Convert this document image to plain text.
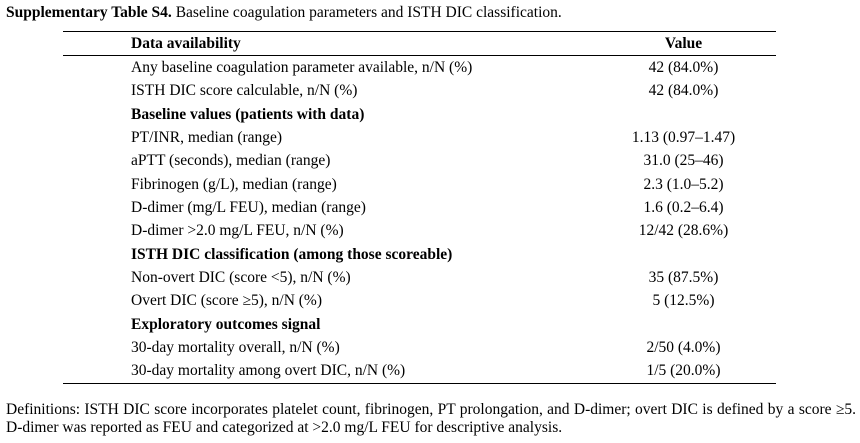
Supplementary Table S4. Baseline coagulation parameters and ISTH DIC classification.
Data availability	Value
Any baseline coagulation parameter available, n/N (%)	42 (84.0%)
ISTH DIC score calculable, n/N (%)	42 (84.0%)
Baseline values (patients with data)	
PT/INR, median (range)	1.13 (0.97–1.47)
aPTT (seconds), median (range)	31.0 (25–46)
Fibrinogen (g/L), median (range)	2.3 (1.0–5.2)
D-dimer (mg/L FEU), median (range)	1.6 (0.2–6.4)
D-dimer >2.0 mg/L FEU, n/N (%)	12/42 (28.6%)
ISTH DIC classification (among those scoreable)	
Non-overt DIC (score <5), n/N (%)	35 (87.5%)
Overt DIC (score ≥5), n/N (%)	5 (12.5%)
Exploratory outcomes signal	
30-day mortality overall, n/N (%)	2/50 (4.0%)
30-day mortality among overt DIC, n/N (%)	1/5 (20.0%)
Definitions: ISTH DIC score incorporates platelet count, fibrinogen, PT prolongation, and D-dimer; overt DIC is defined by a score ≥5. D-dimer was reported as FEU and categorized at >2.0 mg/L FEU for descriptive analysis.
